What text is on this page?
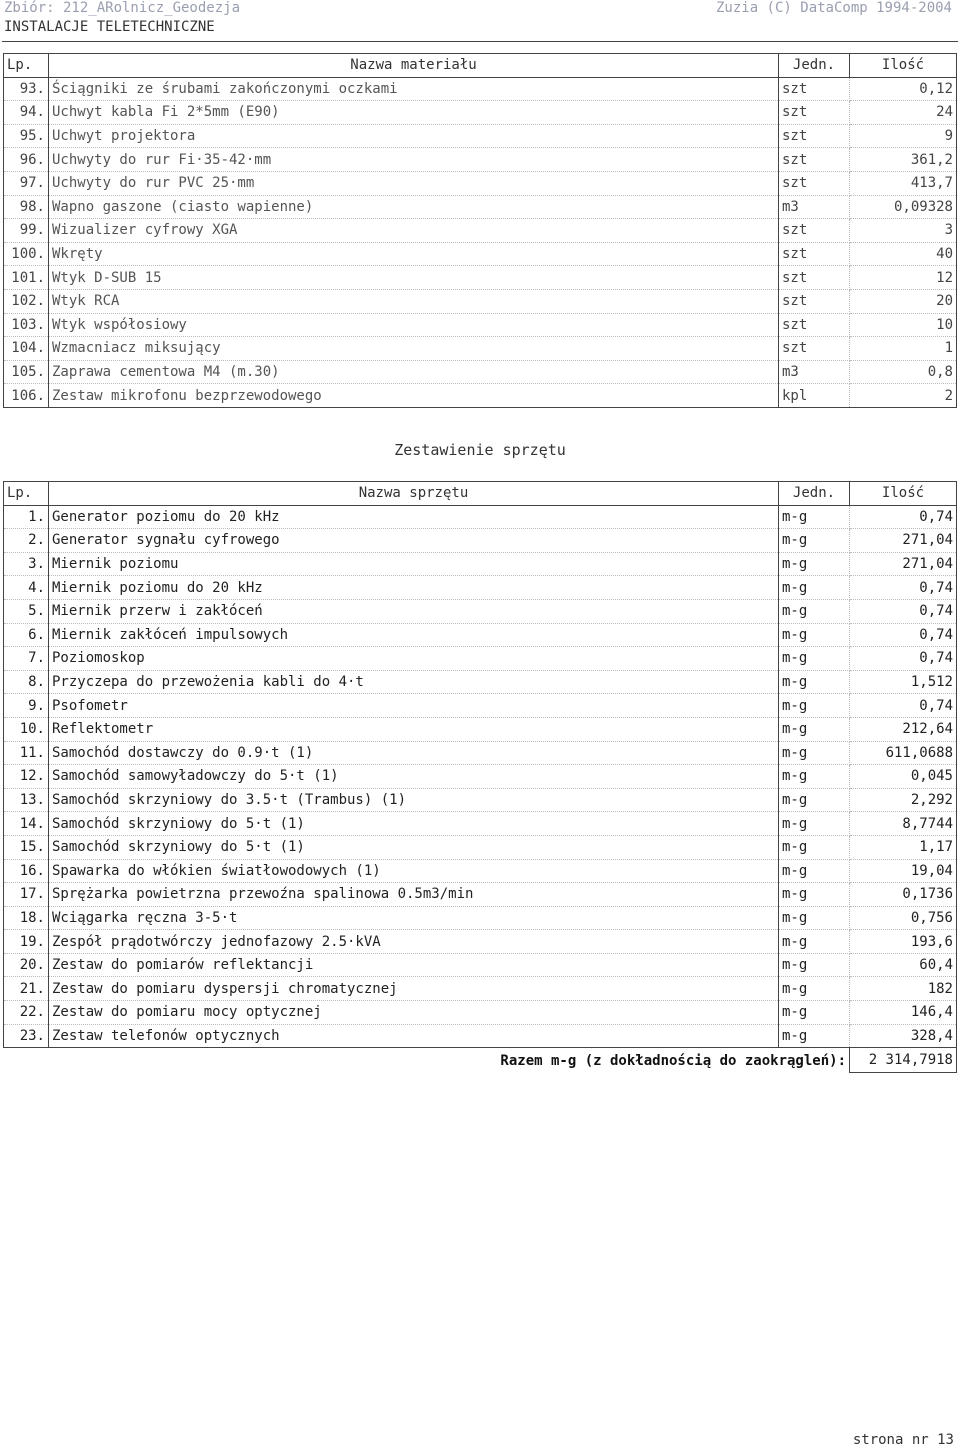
Zbiór: 212_ARolnicz_Geodezja
INSTALACJE TELETECHNICZNE
Zuzia (C) DataComp 1994-2004
Lp.	Nazwa materiału	Jedn.	Ilość
93.	Ściągniki ze śrubami zakończonymi oczkami	szt	0,12
94.	Uchwyt kabla Fi 2*5mm (E90)	szt	24
95.	Uchwyt projektora	szt	9
96.	Uchwyty do rur Fi·35-42·mm	szt	361,2
97.	Uchwyty do rur PVC 25·mm	szt	413,7
98.	Wapno gaszone (ciasto wapienne)	m3	0,09328
99.	Wizualizer cyfrowy XGA	szt	3
100.	Wkręty	szt	40
101.	Wtyk D-SUB 15	szt	12
102.	Wtyk RCA	szt	20
103.	Wtyk współosiowy	szt	10
104.	Wzmacniacz miksujący	szt	1
105.	Zaprawa cementowa M4 (m.30)	m3	0,8
106.	Zestaw mikrofonu bezprzewodowego	kpl	2
Zestawienie sprzętu
Lp.	Nazwa sprzętu	Jedn.	Ilość
1.	Generator poziomu do 20 kHz	m-g	0,74
2.	Generator sygnału cyfrowego	m-g	271,04
3.	Miernik poziomu	m-g	271,04
4.	Miernik poziomu do 20 kHz	m-g	0,74
5.	Miernik przerw i zakłóceń	m-g	0,74
6.	Miernik zakłóceń impulsowych	m-g	0,74
7.	Poziomoskop	m-g	0,74
8.	Przyczepa do przewożenia kabli do 4·t	m-g	1,512
9.	Psofometr	m-g	0,74
10.	Reflektometr	m-g	212,64
11.	Samochód dostawczy do 0.9·t (1)	m-g	611,0688
12.	Samochód samowyładowczy do 5·t (1)	m-g	0,045
13.	Samochód skrzyniowy do 3.5·t (Trambus) (1)	m-g	2,292
14.	Samochód skrzyniowy do 5·t (1)	m-g	8,7744
15.	Samochód skrzyniowy do 5·t (1)	m-g	1,17
16.	Spawarka do włókien światłowodowych (1)	m-g	19,04
17.	Sprężarka powietrzna przewoźna spalinowa 0.5m3/min	m-g	0,1736
18.	Wciągarka ręczna 3-5·t	m-g	0,756
19.	Zespół prądotwórczy jednofazowy 2.5·kVA	m-g	193,6
20.	Zestaw do pomiarów reflektancji	m-g	60,4
21.	Zestaw do pomiaru dyspersji chromatycznej	m-g	182
22.	Zestaw do pomiaru mocy optycznej	m-g	146,4
23.	Zestaw telefonów optycznych	m-g	328,4
Razem m-g (z dokładnością do zaokrągleń):			2 314,7918
strona nr 13
